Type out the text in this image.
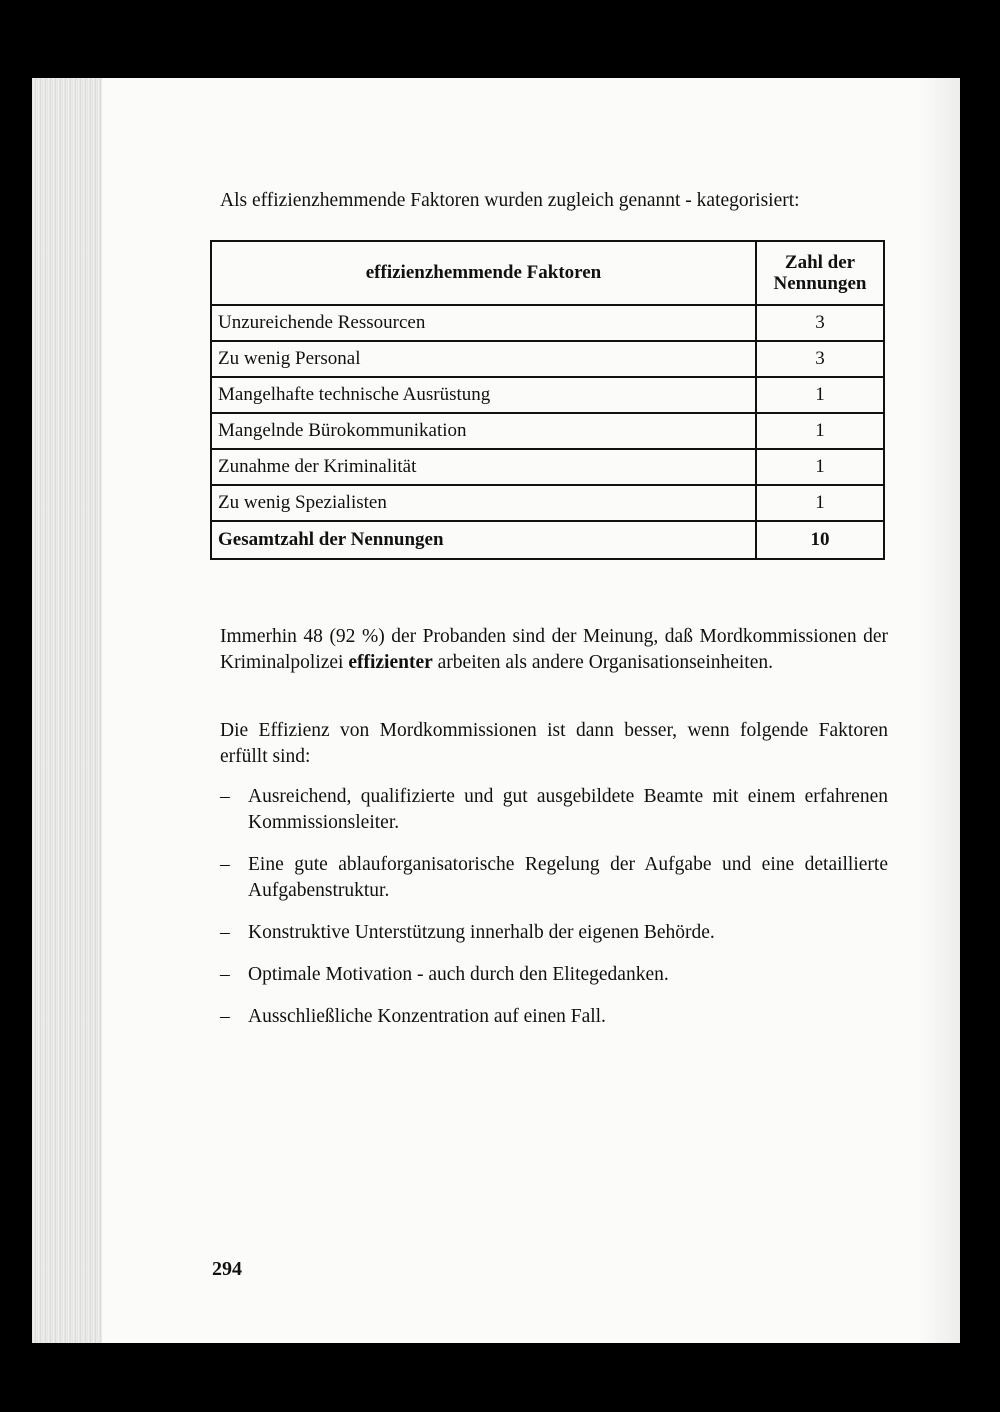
Als effizienzhemmende Faktoren wurden zugleich genannt - kategorisiert:
effizienzhemmende Faktoren	Zahl der
Nennungen
Unzureichende Ressourcen	3
Zu wenig Personal	3
Mangelhafte technische Ausrüstung	1
Mangelnde Bürokommunikation	1
Zunahme der Kriminalität	1
Zu wenig Spezialisten	1
Gesamtzahl der Nennungen	10
Immerhin 48 (92 %) der Probanden sind der Meinung, daß Mordkommissionen der Kriminalpolizei effizienter arbeiten als andere Organisationseinheiten.
Die Effizienz von Mordkommissionen ist dann besser, wenn folgende Faktoren erfüllt sind:
– Ausreichend, qualifizierte und gut ausgebildete Beamte mit einem erfahrenen Kommissionsleiter.
– Eine gute ablauforganisatorische Regelung der Aufgabe und eine detaillierte Aufgabenstruktur.
– Konstruktive Unterstützung innerhalb der eigenen Behörde.
– Optimale Motivation - auch durch den Elitegedanken.
– Ausschließliche Konzentration auf einen Fall.
294
